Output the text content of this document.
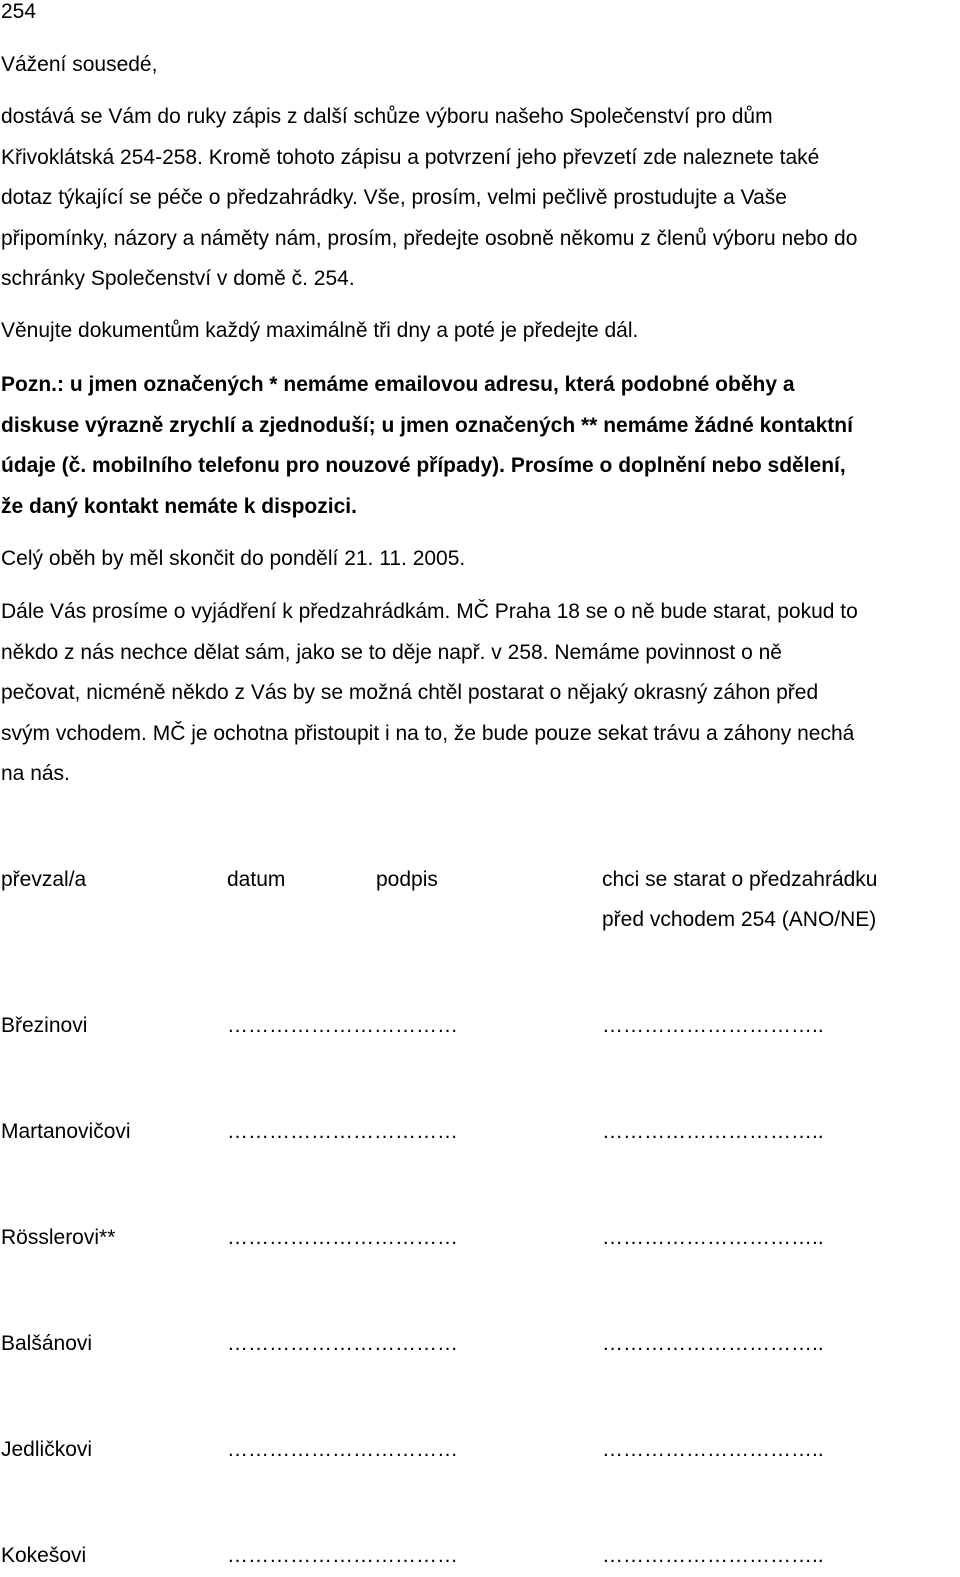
254
Vážení sousedé,
dostává se Vám do ruky zápis z další schůze výboru našeho Společenství pro dům
Křivoklátská 254-258. Kromě tohoto zápisu a potvrzení jeho převzetí zde naleznete také
dotaz týkající se péče o předzahrádky. Vše, prosím, velmi pečlivě prostudujte a Vaše
připomínky, názory a náměty nám, prosím, předejte osobně někomu z členů výboru nebo do
schránky Společenství v domě č. 254.
Věnujte dokumentům každý maximálně tři dny a poté je předejte dál.
Pozn.: u jmen označených * nemáme emailovou adresu, která podobné oběhy a
diskuse výrazně zrychlí a zjednoduší; u jmen označených ** nemáme žádné kontaktní
údaje (č. mobilního telefonu pro nouzové případy). Prosíme o doplnění nebo sdělení,
že daný kontakt nemáte k dispozici.
Celý oběh by měl skončit do pondělí 21. 11. 2005.
Dále Vás prosíme o vyjádření k předzahrádkám. MČ Praha 18 se o ně bude starat, pokud to
někdo z nás nechce dělat sám, jako se to děje např. v 258. Nemáme povinnost o ně
pečovat, nicméně někdo z Vás by se možná chtěl postarat o nějaký okrasný záhon před
svým vchodem. MČ je ochotna přistoupit i na to, že bude pouze sekat trávu a záhony nechá
na nás.
převzal/a	datum	podpis	chci se starat o předzahrádku
před vchodem 254 (ANO/NE)
Březinovi	……………………………	…………………………..
Martanovičovi	……………………………	…………………………..
Rösslerovi**	……………………………	…………………………..
Balšánovi	……………………………	…………………………..
Jedličkovi	……………………………	…………………………..
Kokešovi	……………………………	…………………………..
